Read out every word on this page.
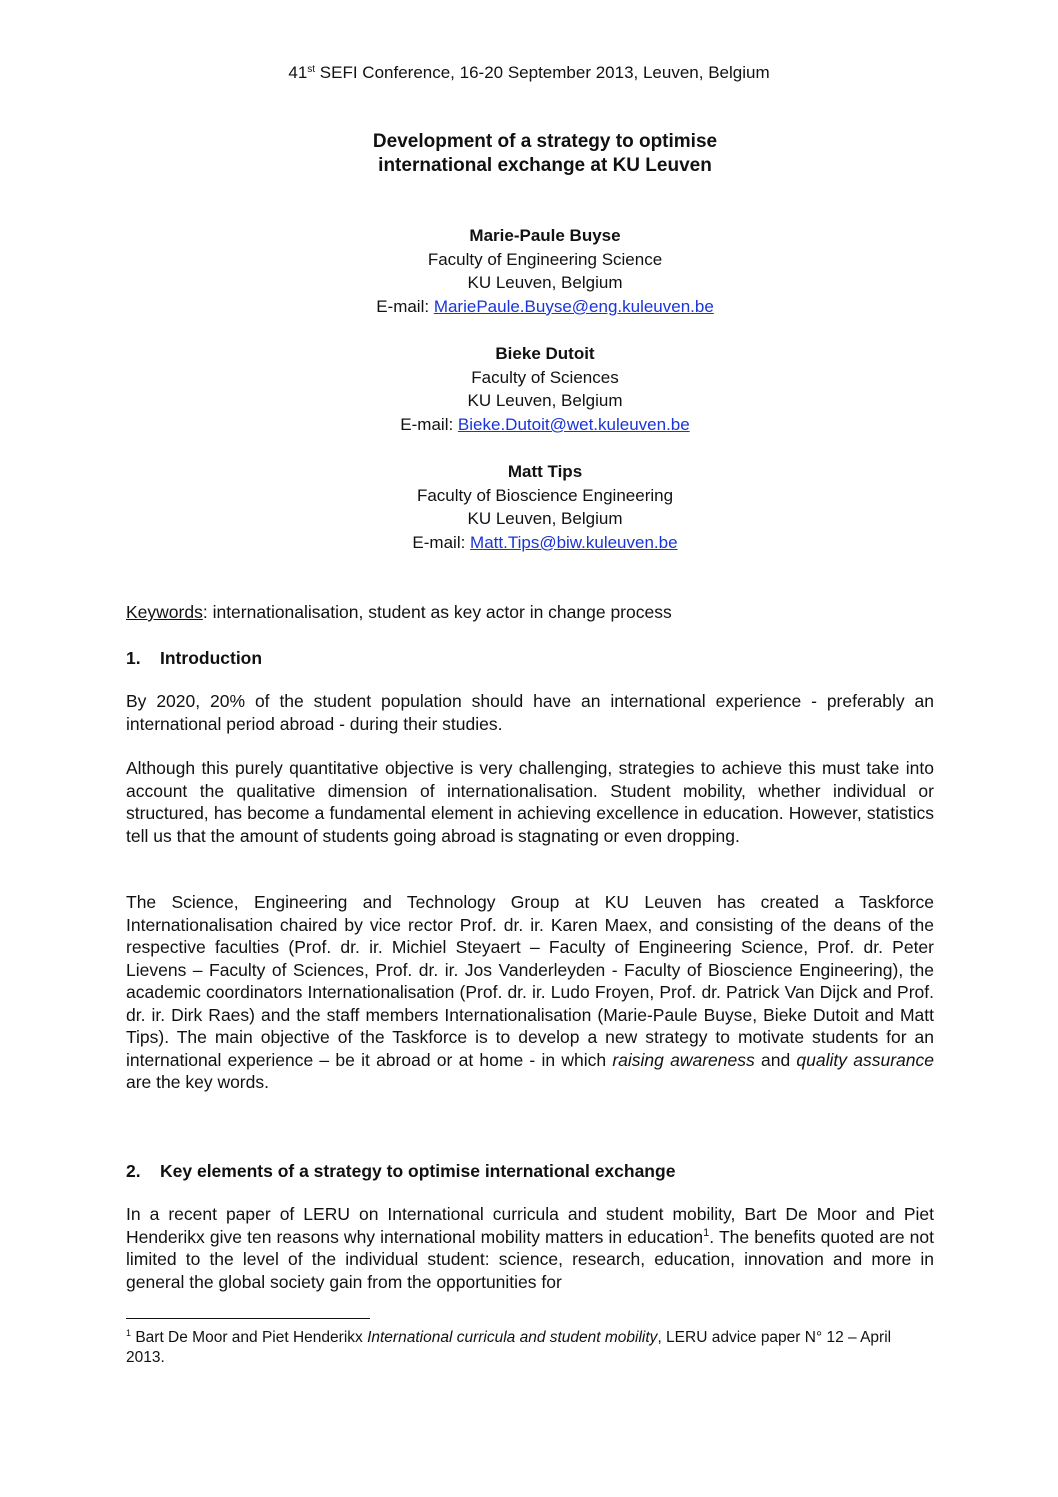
41st SEFI Conference, 16-20 September 2013, Leuven, Belgium
Development of a strategy to optimise
international exchange at KU Leuven
Marie-Paule Buyse
Faculty of Engineering Science
KU Leuven, Belgium
E-mail: MariePaule.Buyse@eng.kuleuven.be
Bieke Dutoit
Faculty of Sciences
KU Leuven, Belgium
E-mail: Bieke.Dutoit@wet.kuleuven.be
Matt Tips
Faculty of Bioscience Engineering
KU Leuven, Belgium
E-mail: Matt.Tips@biw.kuleuven.be
Keywords: internationalisation, student as key actor in change process
1. Introduction

By 2020, 20% of the student population should have an international experience - preferably an international period abroad - during their studies.

Although this purely quantitative objective is very challenging, strategies to achieve this must take into account the qualitative dimension of internationalisation. Student mobility, whether individual or structured, has become a fundamental element in achieving excellence in education. However, statistics tell us that the amount of students going abroad is stagnating or even dropping.

The Science, Engineering and Technology Group at KU Leuven has created a Taskforce Internationalisation chaired by vice rector Prof. dr. ir. Karen Maex, and consisting of the deans of the respective faculties (Prof. dr. ir. Michiel Steyaert – Faculty of Engineering Science, Prof. dr. Peter Lievens – Faculty of Sciences, Prof. dr. ir. Jos Vanderleyden - Faculty of Bioscience Engineering), the academic coordinators Internationalisation (Prof. dr. ir. Ludo Froyen, Prof. dr. Patrick Van Dijck and Prof. dr. ir. Dirk Raes) and the staff members Internationalisation (Marie-Paule Buyse, Bieke Dutoit and Matt Tips). The main objective of the Taskforce is to develop a new strategy to motivate students for an international experience – be it abroad or at home - in which raising awareness and quality assurance are the key words.

2. Key elements of a strategy to optimise international exchange

In a recent paper of LERU on International curricula and student mobility, Bart De Moor and Piet Henderikx give ten reasons why international mobility matters in education$^1$. The benefits quoted are not limited to the level of the individual student: science, research, education, innovation and more in general the global society gain from the opportunities for

$^1$ Bart De Moor and Piet Henderikx International curricula and student mobility, LERU advice paper N° 12 – April 2013.
